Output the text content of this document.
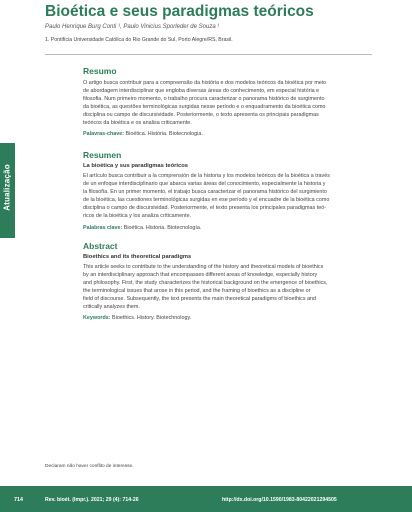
Bioética e seus paradigmas teóricos
Paulo Henrique Burg Conti ¹, Paulo Vinicius Sporleder de Souza ¹
1. Pontifícia Universidade Católica do Rio Grande do Sul, Porto Alegre/RS, Brasil.
Atualização
Resumo
O artigo busca contribuir para a compreensão da história e dos modelos teóricos da bioética por meio
de abordagem interdisciplinar que engloba diversas áreas do conhecimento, em especial história e
filosofia. Num primeiro momento, o trabalho procura caracterizar o panorama histórico de surgimento
da bioética, as questões terminológicas surgidas nesse período e o enquadramento da bioética como
disciplina ou campo de discursividade. Posteriormente, o texto apresenta os principais paradigmas
teóricos da bioética e os analisa criticamente.
Palavras-chave: Bioética. História. Biotecnologia.
Resumen
La bioética y sus paradigmas teóricos
El artículo busca contribuir a la comprensión de la historia y los modelos teóricos de la bioética a través
de un enfoque interdisciplinario que abarca varias áreas del conocimiento, especialmente la historia y
la filosofía. En un primer momento, el trabajo busca caracterizar el panorama histórico del surgimiento
de la bioética, las cuestiones terminológicas surgidas en ese período y el encuadre de la bioética como
disciplina o campo de discursividad. Posteriormente, el texto presenta los principales paradigmas teó-
ricos de la bioética y los analiza críticamente.
Palabras clave: Bioética. Historia. Biotecnología.
Abstract
Bioethics and its theoretical paradigms
This article seeks to contribute to the understanding of the history and theoretical models of bioethics
by an interdisciplinary approach that encompasses different areas of knowledge, especially history
and philosophy. First, the study characterizes the historical background on the emergence of bioethics,
the terminological issues that arose in this period, and the framing of bioethics as a discipline or
field of discourse. Subsequently, the text presents the main theoretical paradigms of bioethics and
critically analyzes them.
Keywords: Bioethics. History. Biotechnology.
Declaram não haver conflito de interesse.
714	Rev. bioét. (Impr.). 2021; 29 (4): 714-26	http://dx.doi.org/10.1590/1983-80422021294505
